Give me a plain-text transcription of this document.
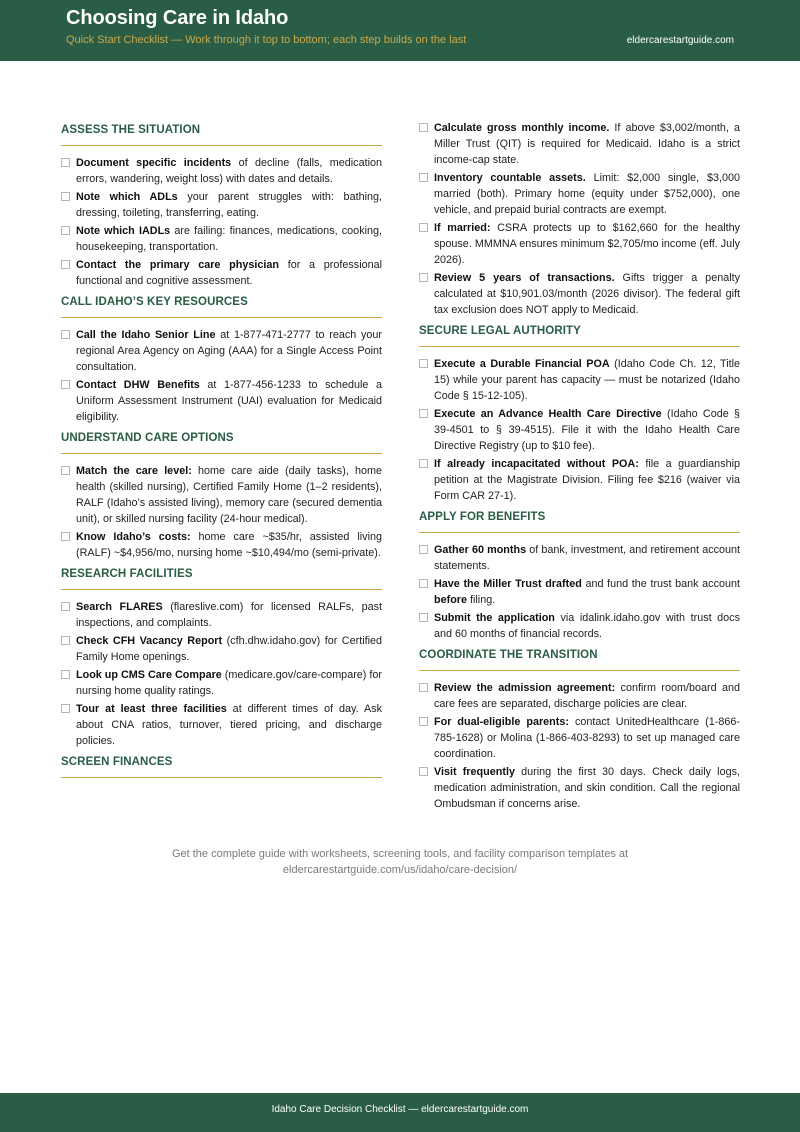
Choosing Care in Idaho
Quick Start Checklist — Work through it top to bottom; each step builds on the last	eldercarestartguide.com
ASSESS THE SITUATION
Document specific incidents of decline (falls, medication errors, wandering, weight loss) with dates and details.
Note which ADLs your parent struggles with: bathing, dressing, toileting, transferring, eating.
Note which IADLs are failing: finances, medications, cooking, housekeeping, transportation.
Contact the primary care physician for a professional functional and cognitive assessment.
CALL IDAHO’S KEY RESOURCES
Call the Idaho Senior Line at 1-877-471-2777 to reach your regional Area Agency on Aging (AAA) for a Single Access Point consultation.
Contact DHW Benefits at 1-877-456-1233 to schedule a Uniform Assessment Instrument (UAI) evaluation for Medicaid eligibility.
UNDERSTAND CARE OPTIONS
Match the care level: home care aide (daily tasks), home health (skilled nursing), Certified Family Home (1–2 residents), RALF (Idaho’s assisted living), memory care (secured dementia unit), or skilled nursing facility (24-hour medical).
Know Idaho’s costs: home care ~$35/hr, assisted living (RALF) ~$4,956/mo, nursing home ~$10,494/mo (semi-private).
RESEARCH FACILITIES
Search FLARES (flareslive.com) for licensed RALFs, past inspections, and complaints.
Check CFH Vacancy Report (cfh.dhw.idaho.gov) for Certified Family Home openings.
Look up CMS Care Compare (medicare.gov/care-compare) for nursing home quality ratings.
Tour at least three facilities at different times of day. Ask about CNA ratios, turnover, tiered pricing, and discharge policies.
SCREEN FINANCES
Calculate gross monthly income. If above $3,002/month, a Miller Trust (QIT) is required for Medicaid. Idaho is a strict income-cap state.
Inventory countable assets. Limit: $2,000 single, $3,000 married (both). Primary home (equity under $752,000), one vehicle, and prepaid burial contracts are exempt.
If married: CSRA protects up to $162,660 for the healthy spouse. MMMNA ensures minimum $2,705/mo income (eff. July 2026).
Review 5 years of transactions. Gifts trigger a penalty calculated at $10,901.03/month (2026 divisor). The federal gift tax exclusion does NOT apply to Medicaid.
SECURE LEGAL AUTHORITY
Execute a Durable Financial POA (Idaho Code Ch. 12, Title 15) while your parent has capacity — must be notarized (Idaho Code § 15-12-105).
Execute an Advance Health Care Directive (Idaho Code § 39-4501 to § 39-4515). File it with the Idaho Health Care Directive Registry (up to $10 fee).
If already incapacitated without POA: file a guardianship petition at the Magistrate Division. Filing fee $216 (waiver via Form CAR 27-1).
APPLY FOR BENEFITS
Gather 60 months of bank, investment, and retirement account statements.
Have the Miller Trust drafted and fund the trust bank account before filing.
Submit the application via idalink.idaho.gov with trust docs and 60 months of financial records.
COORDINATE THE TRANSITION
Review the admission agreement: confirm room/board and care fees are separated, discharge policies are clear.
For dual-eligible parents: contact UnitedHealthcare (1-866-785-1628) or Molina (1-866-403-8293) to set up managed care coordination.
Visit frequently during the first 30 days. Check daily logs, medication administration, and skin condition. Call the regional Ombudsman if concerns arise.
Get the complete guide with worksheets, screening tools, and facility comparison templates at
eldercarestartguide.com/us/idaho/care-decision/
Idaho Care Decision Checklist — eldercarestartguide.com
